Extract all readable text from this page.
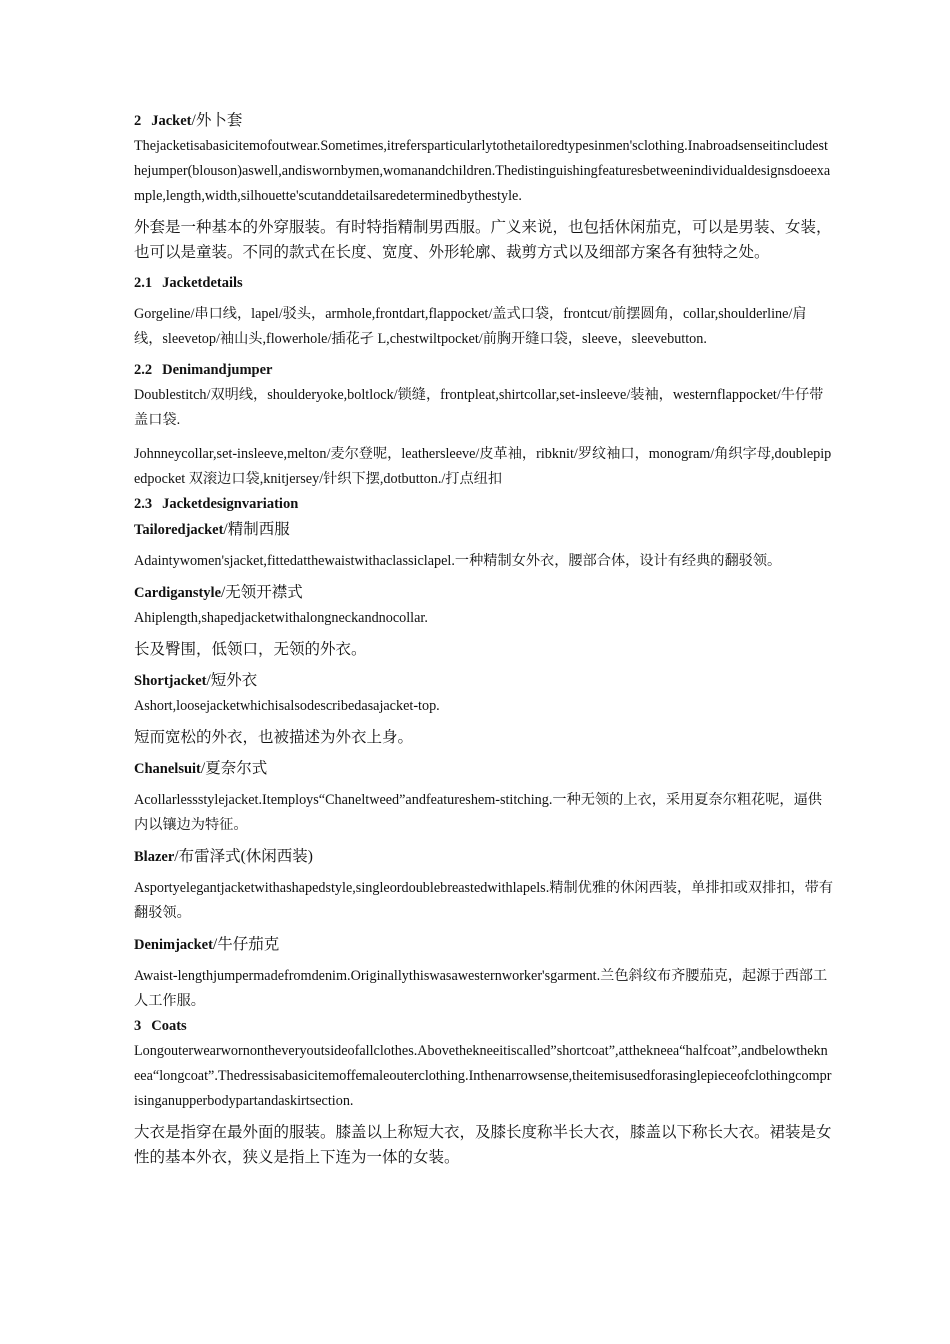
2 Jacket/外卜套

Thejacketisabasicitemofoutwear.Sometimes,itrefersparticularlytothetailoredtypesinmen'sclothing.Inabroadsenseitincludesthejumper(blouson)aswell,andiswornbymen,womanandchildren.Thedistinguishingfeaturesbetweenindividualdesignsdoeexample,length,width,silhouette'scutanddetailsaredeterminedbythestyle.

外套是一种基本的外穿服装。有时特指精制男西服。广义来说，也包括休闲茄克，可以是男装、女装，也可以是童装。不同的款式在长度、宽度、外形轮廓、裁剪方式以及细部方案各有独特之处。

2.1 Jacketdetails

Gorgeline/串口线，lapel/驳头，armhole,frontdart,flappocket/盖式口袋，frontcut/前摆圆角，collar,shoulderline/肩线，sleevetop/袖山头,flowerhole/插花孑 L,chestwiltpocket/前胸开缝口袋，sleeve，sleevebutton.

2.2 Denimandjumper

Doublestitch/双明线，shoulderyoke,boltlock/锁缝，frontpleat,shirtcollar,set-insleeve/装袖，westernflappocket/牛仔带盖口袋.

Johnneycollar,set-insleeve,melton/麦尔登呢，leathersleeve/皮革袖，ribknit/罗纹袖口，monogram/角织字母,doublepipedpocket 双滚边口袋,knitjersey/针织下摆,dotbutton./打点纽扣

2.3 Jacketdesignvariation

Tailoredjacket/精制西服

Adaintywomen'sjacket,fittedatthewaistwithaclassiclapel.一种精制女外衣，腰部合体，设计有经典的翻驳领。

Cardiganstyle/无领开襟式

Ahiplength,shapedjacketwithalongneckandnocollar.

长及臀围，低领口，无领的外衣。

Shortjacket/短外衣

Ashort,loosejacketwhichisalsodescribedasajacket-top.

短而宽松的外衣，也被描述为外衣上身。

Chanelsuit/夏奈尔式

Acollarlessstylejacket.Itemploys“Chaneltweed”andfeatureshem-stitching.一种无领的上衣，采用夏奈尔粗花呢，逼供内以镶边为特征。

Blazer/布雷泽式(休闲西装)

Asportyelegantjacketwithashapedstyle,singleordoublebreastedwithlapels.精制优雅的休闲西装，单排扣或双排扣，带有翻驳领。

Denimjacket/牛仔茄克

Awaist-lengthjumpermadefromdenim.Originallythiswasawesternworker'sgarment.兰色斜纹布齐腰茄克，起源于西部工人工作服。

3 Coats

Longouterwearwornontheveryoutsideofallclothes.Abovethekneeitiscalled”shortcoat”,atthekneea“halfcoat”,andbelowthekneea“longcoat”.Thedressisabasicitemoffemaleouterclothing.Inthenarrowsense,theitemisusedforasinglepieceofclothingcomprisinganupperbodypartandaskirtsection.

大衣是指穿在最外面的服装。膝盖以上称短大衣，及膝长度称半长大衣，膝盖以下称长大衣。裙装是女性的基本外衣，狭义是指上下连为一体的女装。
